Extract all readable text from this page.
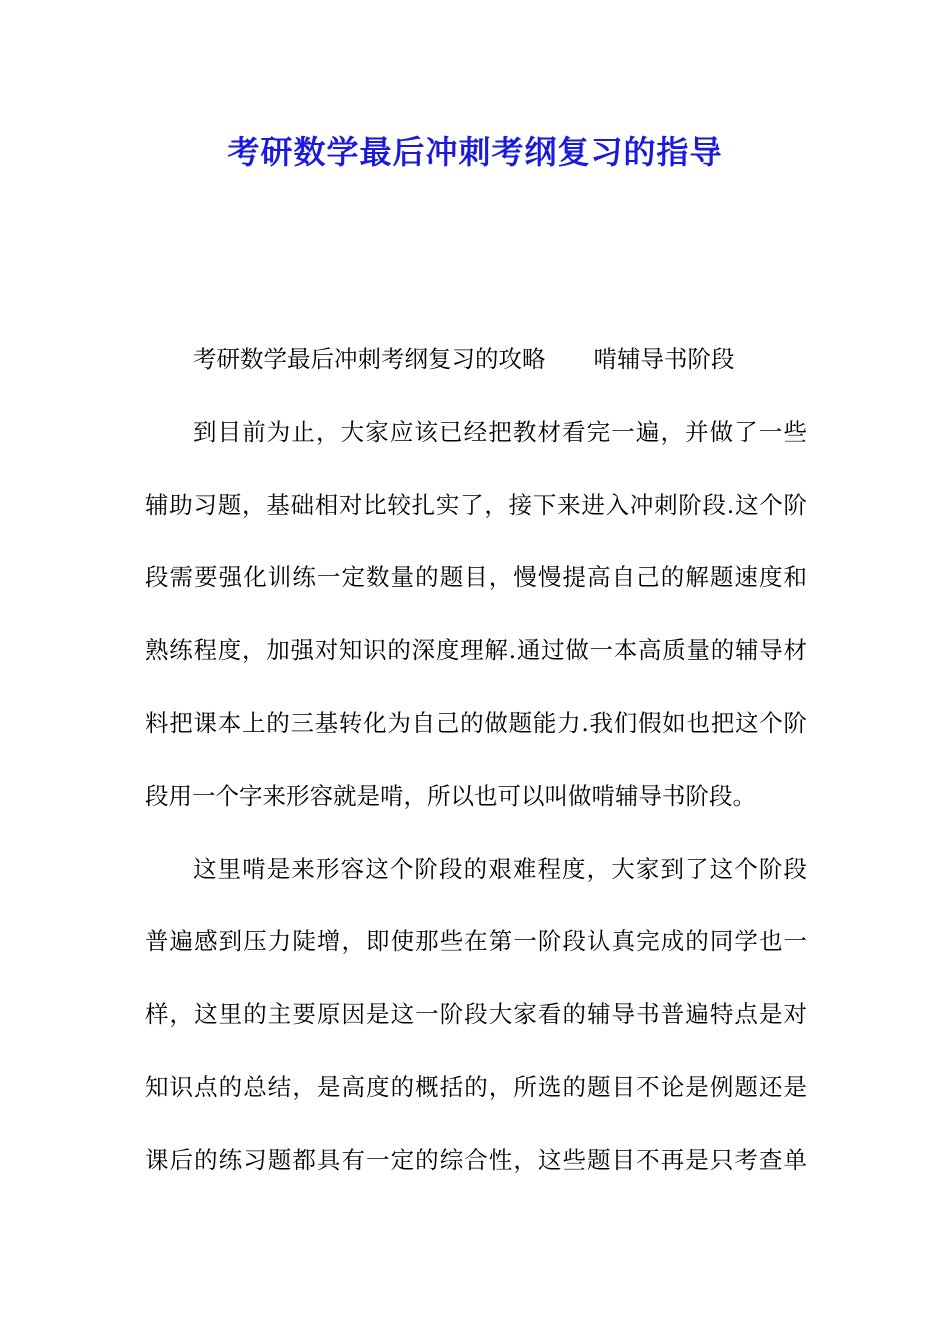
考研数学最后冲刺考纲复习的指导
考研数学最后冲刺考纲复习的攻略 啃辅导书阶段
到目前为止，大家应该已经把教材看完一遍，并做了一些
辅助习题，基础相对比较扎实了，接下来进入冲刺阶段.这个阶
段需要强化训练一定数量的题目，慢慢提高自己的解题速度和
熟练程度，加强对知识的深度理解.通过做一本高质量的辅导材
料把课本上的三基转化为自己的做题能力.我们假如也把这个阶
段用一个字来形容就是啃，所以也可以叫做啃辅导书阶段。
这里啃是来形容这个阶段的艰难程度，大家到了这个阶段
普遍感到压力陡增，即使那些在第一阶段认真完成的同学也一
样，这里的主要原因是这一阶段大家看的辅导书普遍特点是对
知识点的总结，是高度的概括的，所选的题目不论是例题还是
课后的练习题都具有一定的综合性，这些题目不再是只考查单
